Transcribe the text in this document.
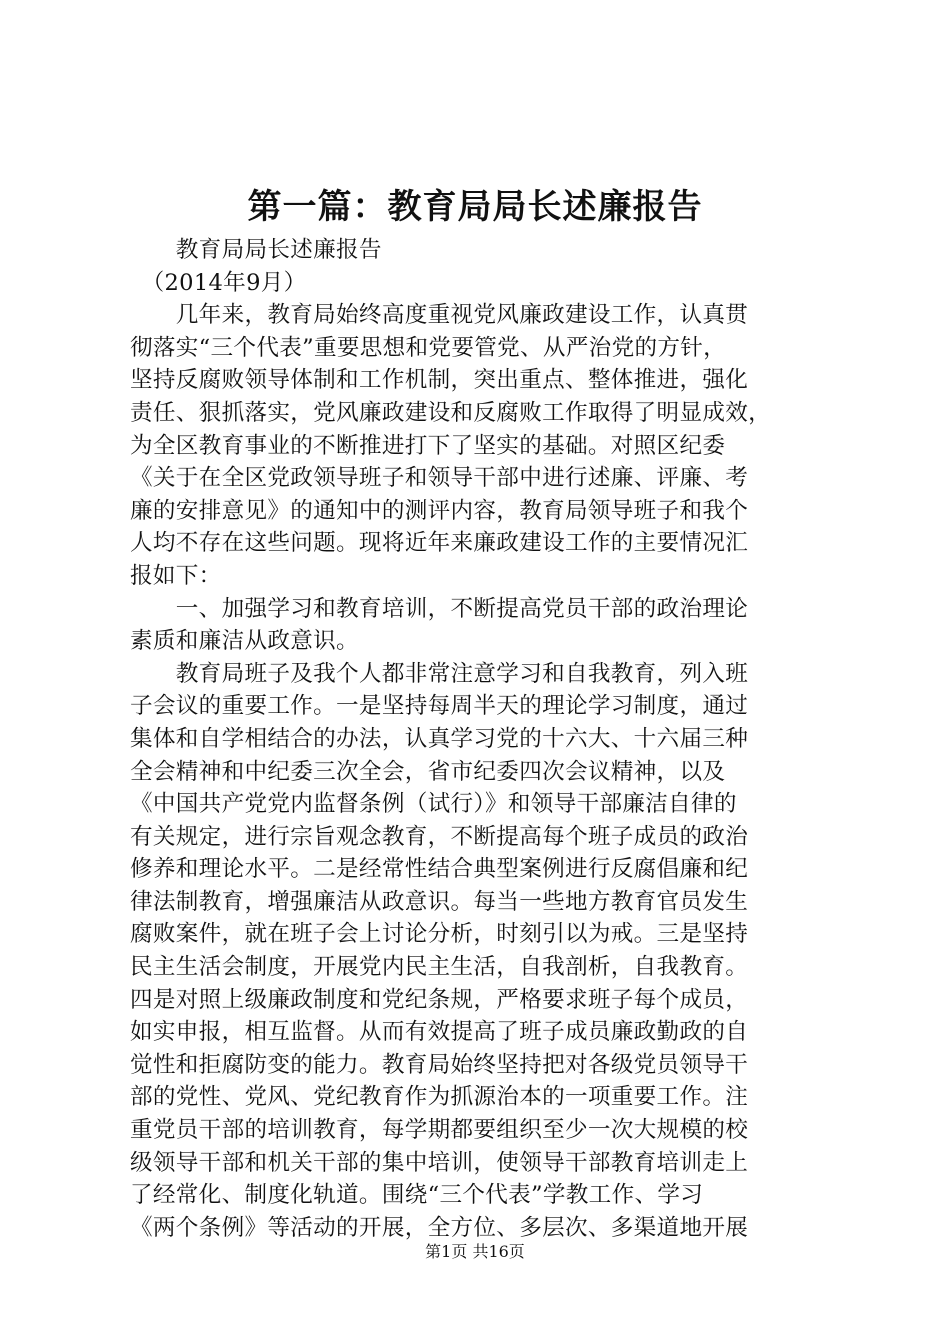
第一篇：教育局局长述廉报告
　　教育局局长述廉报告
　（2014年9月）
　　几年来，教育局始终高度重视党风廉政建设工作，认真贯
彻落实“三个代表”重要思想和党要管党、从严治党的方针，
坚持反腐败领导体制和工作机制，突出重点、整体推进，强化
责任、狠抓落实，党风廉政建设和反腐败工作取得了明显成效，
为全区教育事业的不断推进打下了坚实的基础。对照区纪委
《关于在全区党政领导班子和领导干部中进行述廉、评廉、考
廉的安排意见》的通知中的测评内容，教育局领导班子和我个
人均不存在这些问题。现将近年来廉政建设工作的主要情况汇
报如下：
　　一、加强学习和教育培训，不断提高党员干部的政治理论
素质和廉洁从政意识。
　　教育局班子及我个人都非常注意学习和自我教育，列入班
子会议的重要工作。一是坚持每周半天的理论学习制度，通过
集体和自学相结合的办法，认真学习党的十六大、十六届三种
全会精神和中纪委三次全会，省市纪委四次会议精神，以及
《中国共产党党内监督条例（试行）》和领导干部廉洁自律的
有关规定，进行宗旨观念教育，不断提高每个班子成员的政治
修养和理论水平。二是经常性结合典型案例进行反腐倡廉和纪
律法制教育，增强廉洁从政意识。每当一些地方教育官员发生
腐败案件，就在班子会上讨论分析，时刻引以为戒。三是坚持
民主生活会制度，开展党内民主生活，自我剖析，自我教育。
四是对照上级廉政制度和党纪条规，严格要求班子每个成员，
如实申报，相互监督。从而有效提高了班子成员廉政勤政的自
觉性和拒腐防变的能力。教育局始终坚持把对各级党员领导干
部的党性、党风、党纪教育作为抓源治本的一项重要工作。注
重党员干部的培训教育，每学期都要组织至少一次大规模的校
级领导干部和机关干部的集中培训，使领导干部教育培训走上
了经常化、制度化轨道。围绕“三个代表”学教工作、学习
《两个条例》等活动的开展，全方位、多层次、多渠道地开展
第1页 共16页
